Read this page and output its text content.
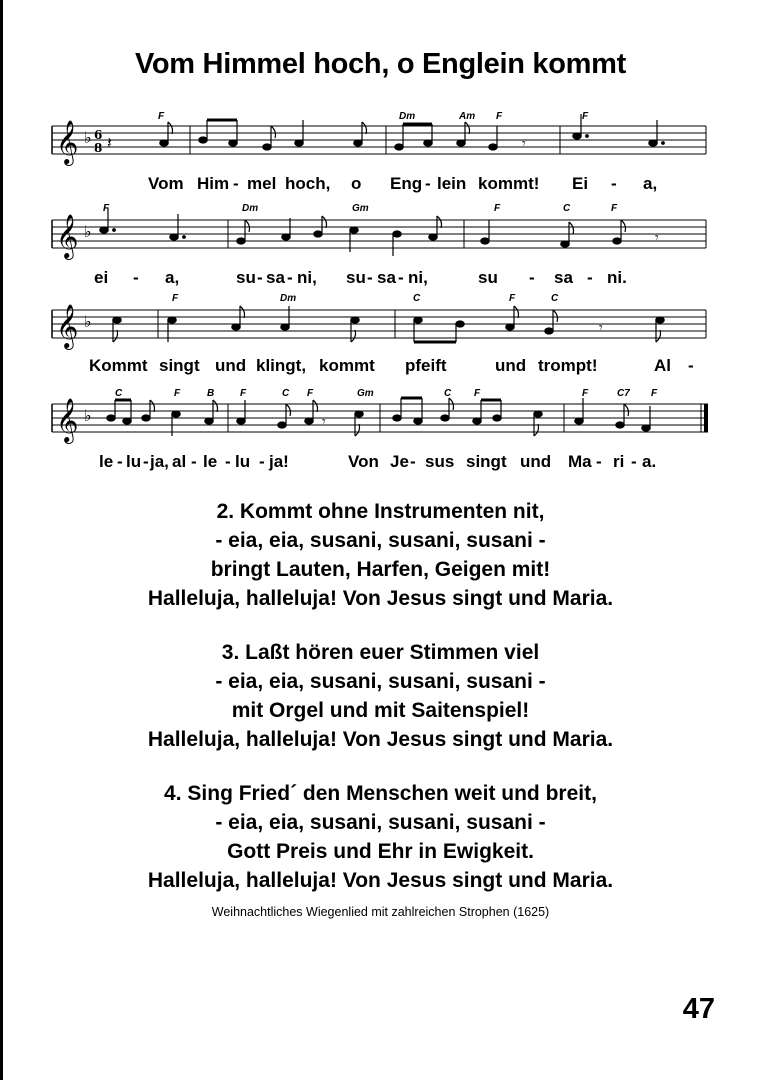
Vom Himmel hoch, o Englein kommt
F	Dm	Am F	F
𝄞 ♭ 6
8 𝄽	𝄾
Vom Him - mel hoch, o Eng - lein kommt! Ei - a,
F	Dm	Gm	F	C	F
𝄞 ♭	𝄾
ei - a,	su - sa - ni, su - sa - ni,	su - sa - ni.
F	Dm	C	F	C
𝄞 ♭	𝄾
Kommt singt und klingt, kommt pfeift	und trompt!	Al -
C	F	B	F	C F	Gm	C F	F	C7 F
𝄞 ♭	𝄾
le - lu - ja, al - le - lu - ja!	Von Je - sus singt und Ma - ri - a.
2. Kommt ohne Instrumenten nit,
- eia, eia, susani, susani, susani -
bringt Lauten, Harfen, Geigen mit!
Halleluja, halleluja! Von Jesus singt und Maria.
3. Laßt hören euer Stimmen viel
- eia, eia, susani, susani, susani -
mit Orgel und mit Saitenspiel!
Halleluja, halleluja! Von Jesus singt und Maria.
4. Sing Fried´ den Menschen weit und breit,
- eia, eia, susani, susani, susani -
Gott Preis und Ehr in Ewigkeit.
Halleluja, halleluja! Von Jesus singt und Maria.
Weihnachtliches Wiegenlied mit zahlreichen Strophen (1625)
47
